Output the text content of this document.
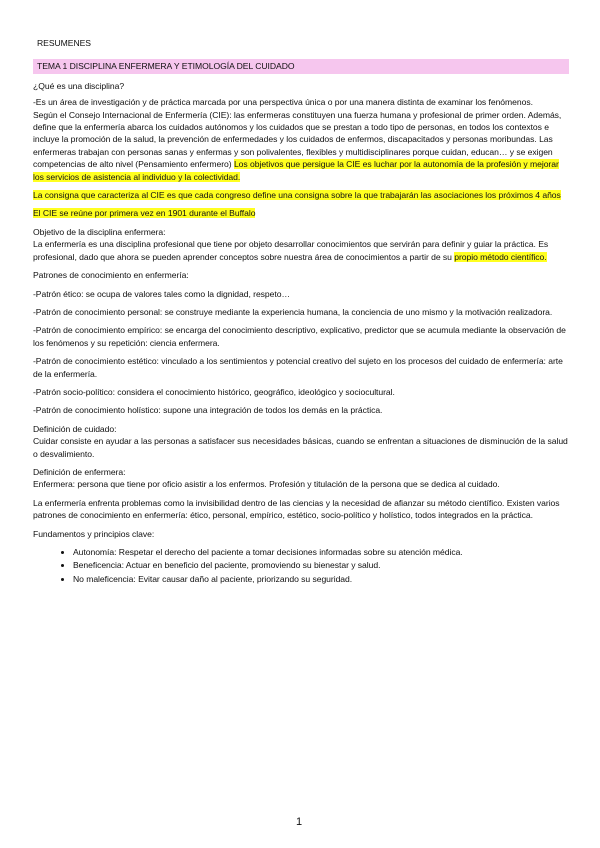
RESUMENES
TEMA 1 DISCIPLINA ENFERMERA Y ETIMOLOGÍA DEL CUIDADO

¿Qué es una disciplina?

-Es un área de investigación y de práctica marcada por una perspectiva única o por una manera distinta de examinar los fenómenos.

Según el Consejo Internacional de Enfermería (CIE): las enfermeras constituyen una fuerza humana y profesional de primer orden. Además, define que la enfermería abarca los cuidados autónomos y los cuidados que se prestan a todo tipo de personas, en todos los contextos e incluye la promoción de la salud, la prevención de enfermedades y los cuidados de enfermos, discapacitados y personas moribundas. Las enfermeras trabajan con personas sanas y enfermas y son polivalentes, flexibles y multidisciplinares porque cuidan, educan… y se exigen competencias de alto nivel (Pensamiento enfermero) Los objetivos que persigue la CIE es luchar por la autonomía de la profesión y mejorar los servicios de asistencia al individuo y la colectividad.

La consigna que caracteriza al CIE es que cada congreso define una consigna sobre la que trabajarán las asociaciones los próximos 4 años

El CIE se reúne por primera vez en 1901 durante el Buffalo

Objetivo de la disciplina enfermera:

La enfermería es una disciplina profesional que tiene por objeto desarrollar conocimientos que servirán para definir y guiar la práctica. Es profesional, dado que ahora se pueden aprender conceptos sobre nuestra área de conocimientos a partir de su propio método científico.

Patrones de conocimiento en enfermería:

-Patrón ético: se ocupa de valores tales como la dignidad, respeto…

-Patrón de conocimiento personal: se construye mediante la experiencia humana, la conciencia de uno mismo y la motivación realizadora.

-Patrón de conocimiento empírico: se encarga del conocimiento descriptivo, explicativo, predictor que se acumula mediante la observación de los fenómenos y su repetición: ciencia enfermera.

-Patrón de conocimiento estético: vinculado a los sentimientos y potencial creativo del sujeto en los procesos del cuidado de enfermería: arte de la enfermería.

-Patrón socio-político: considera el conocimiento histórico, geográfico, ideológico y sociocultural.

-Patrón de conocimiento holístico: supone una integración de todos los demás en la práctica.

Definición de cuidado:

Cuidar consiste en ayudar a las personas a satisfacer sus necesidades básicas, cuando se enfrentan a situaciones de disminución de la salud o desvalimiento.

Definición de enfermera:

Enfermera: persona que tiene por oficio asistir a los enfermos. Profesión y titulación de la persona que se dedica al cuidado.

La enfermería enfrenta problemas como la invisibilidad dentro de las ciencias y la necesidad de afianzar su método científico. Existen varios patrones de conocimiento en enfermería: ético, personal, empírico, estético, socio-político y holístico, todos integrados en la práctica.

Fundamentos y principios clave:

• Autonomía: Respetar el derecho del paciente a tomar decisiones informadas sobre su atención médica.
• Beneficencia: Actuar en beneficio del paciente, promoviendo su bienestar y salud.
• No maleficencia: Evitar causar daño al paciente, priorizando su seguridad.
1
